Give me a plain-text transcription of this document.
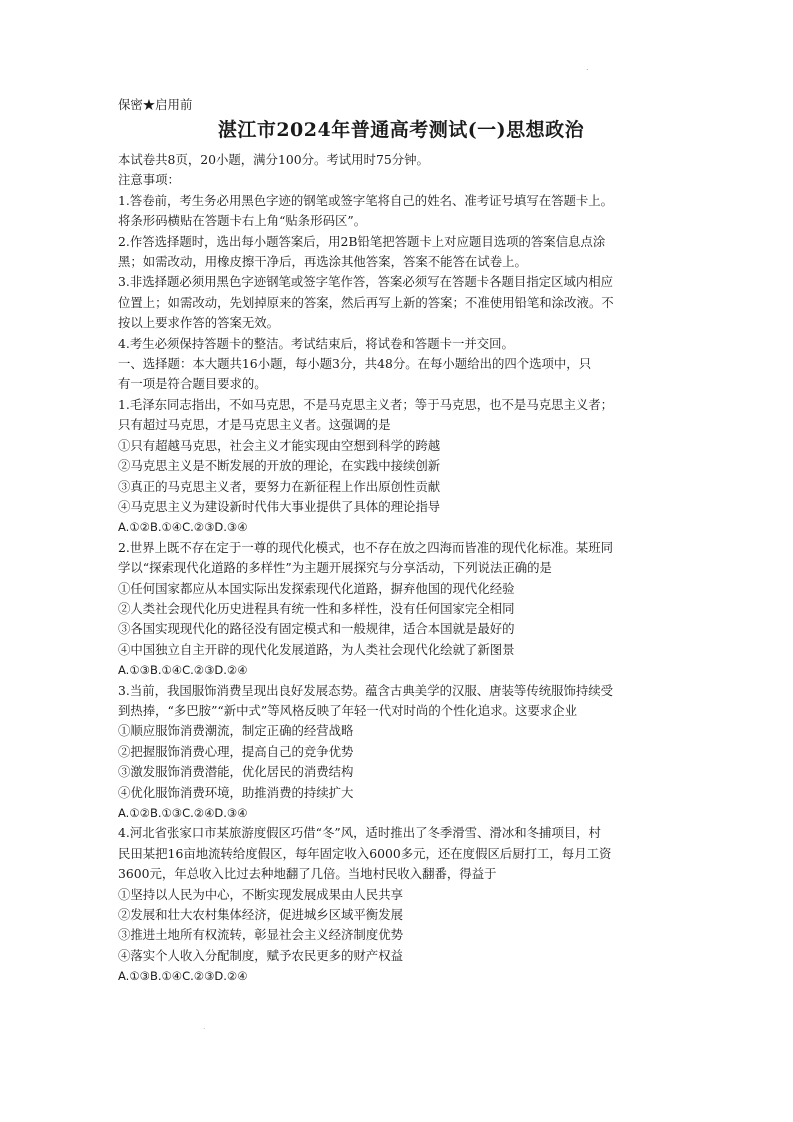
.
保密★启用前
湛江市2024年普通高考测试(一)思想政治
本试卷共8页，20小题，满分100分。考试用时75分钟。
注意事项：
1.答卷前，考生务必用黑色字迹的钢笔或签字笔将自己的姓名、准考证号填写在答题卡上。
将条形码横贴在答题卡右上角“贴条形码区”。
2.作答选择题时，选出每小题答案后，用2B铅笔把答题卡上对应题目选项的答案信息点涂
黑；如需改动，用橡皮擦干净后，再选涂其他答案，答案不能答在试卷上。
3.非选择题必须用黑色字迹钢笔或签字笔作答，答案必须写在答题卡各题目指定区域内相应
位置上；如需改动，先划掉原来的答案，然后再写上新的答案；不准使用铅笔和涂改液。不
按以上要求作答的答案无效。
4.考生必须保持答题卡的整洁。考试结束后，将试卷和答题卡一并交回。
一、选择题：本大题共16小题，每小题3分，共48分。在每小题给出的四个选项中，只
有一项是符合题目要求的。
1.毛泽东同志指出，不如马克思，不是马克思主义者；等于马克思，也不是马克思主义者；
只有超过马克思，才是马克思主义者。这强调的是
①只有超越马克思，社会主义才能实现由空想到科学的跨越
②马克思主义是不断发展的开放的理论，在实践中接续创新
③真正的马克思主义者，要努力在新征程上作出原创性贡献
④马克思主义为建设新时代伟大事业提供了具体的理论指导
A.①②B.①④C.②③D.③④
2.世界上既不存在定于一尊的现代化模式，也不存在放之四海而皆准的现代化标准。某班同
学以“探索现代化道路的多样性”为主题开展探究与分享活动，下列说法正确的是
①任何国家都应从本国实际出发探索现代化道路，摒弃他国的现代化经验
②人类社会现代化历史进程具有统一性和多样性，没有任何国家完全相同
③各国实现现代化的路径没有固定模式和一般规律，适合本国就是最好的
④中国独立自主开辟的现代化发展道路，为人类社会现代化绘就了新图景
A.①③B.①④C.②③D.②④
3.当前，我国服饰消费呈现出良好发展态势。蕴含古典美学的汉服、唐装等传统服饰持续受
到热捧，“多巴胺”“新中式”等风格反映了年轻一代对时尚的个性化追求。这要求企业
①顺应服饰消费潮流，制定正确的经营战略
②把握服饰消费心理，提高自己的竞争优势
③激发服饰消费潜能，优化居民的消费结构
④优化服饰消费环境，助推消费的持续扩大
A.①②B.①③C.②④D.③④
4.河北省张家口市某旅游度假区巧借“冬”风，适时推出了冬季滑雪、滑冰和冬捕项目，村
民田某把16亩地流转给度假区，每年固定收入6000多元，还在度假区后厨打工，每月工资
3600元，年总收入比过去种地翻了几倍。当地村民收入翻番，得益于
①坚持以人民为中心，不断实现发展成果由人民共享
②发展和壮大农村集体经济，促进城乡区域平衡发展
③推进土地所有权流转，彰显社会主义经济制度优势
④落实个人收入分配制度，赋予农民更多的财产权益
A.①③B.①④C.②③D.②④
.
